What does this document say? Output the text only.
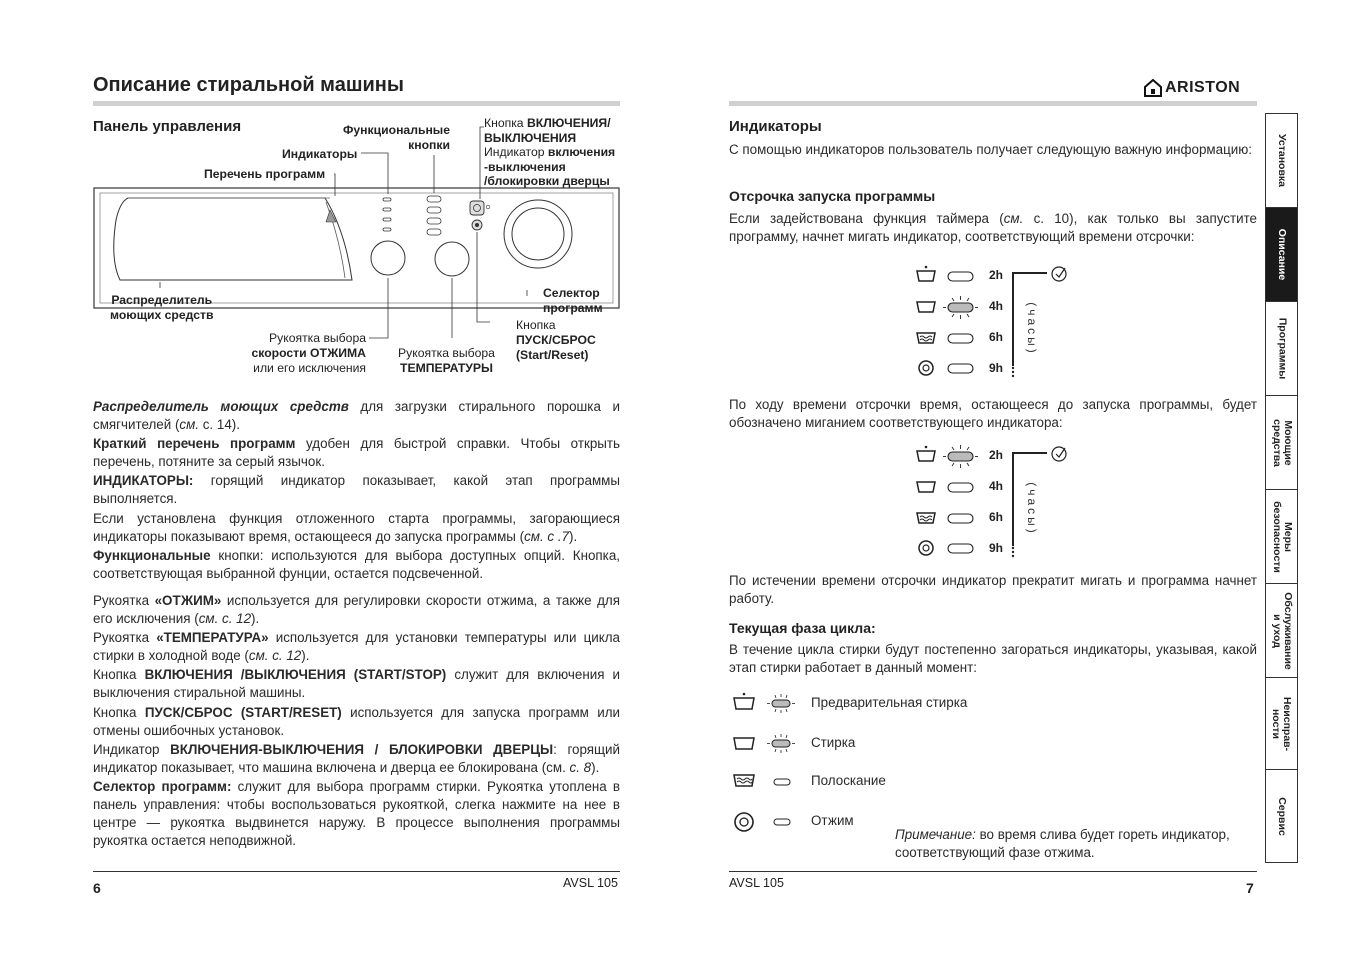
Описание стиральной машины
Панель управления	Функциональные
кнопки
Индикаторы
Перечень программ
Кнопка ВКЛЮЧЕНИЯ/
ВЫКЛЮЧЕНИЯ
Индикатор включения
-выключения
/блокировки дверцы
Распределитель
моющих средств
Селектор
программ
Кнопка
ПУСК/СБРОС
(Start/Reset)
Рукоятка выбора
скорости ОТЖИМА
или его исключения
Рукоятка выбора
ТЕМПЕРАТУРЫ

Распределитель моющих средств для загрузки стирального порошка и смягчителей (см. с. 14).

Краткий перечень программ удобен для быстрой справки. Чтобы открыть перечень, потяните за серый язычок.

ИНДИКАТОРЫ: горящий индикатор показывает, какой этап программы выполняется.

Если установлена функция отложенного старта программы, загорающиеся индикаторы показывают время, остающееся до запуска программы (см. с .7).

Функциональные кнопки: используются для выбора доступных опций. Кнопка, соответствующая выбранной фунции, остается подсвеченной.

Рукоятка «ОТЖИМ» используется для регулировки скорости отжима, а также для его исключения (см. с. 12).

Рукоятка «ТЕМПЕРАТУРА» используется для установки температуры или цикла стирки в холодной воде (см. с. 12).

Кнопка ВКЛЮЧЕНИЯ /ВЫКЛЮЧЕНИЯ (START/STOP) служит для включения и выключения стиральной машины.

Кнопка ПУСК/СБРОС (START/RESET) используется для запуска программ или отмены ошибочных установок.

Индикатор ВКЛЮЧЕНИЯ-ВЫКЛЮЧЕНИЯ / БЛОКИРОВКИ ДВЕРЦЫ: горящий индикатор показывает, что машина включена и дверца ее блокирована (см. с. 8).

Селектор программ: служит для выбора программ стирки. Рукоятка утоплена в панель управления: чтобы воспользоваться рукояткой, слегка нажмите на нее в центре — рукоятка выдвинется наружу. В процессе выполнения программы рукоятка остается неподвижной.

6	AVSL 105
ARISTON
Индикаторы
С помощью индикаторов пользователь получает следующую важную информацию:
Отсрочка запуска программы
Если задействована функция таймера (см. с. 10), как только вы запустите программу, начнет мигать индикатор, соответствующий времени отсрочки:
2h
4h
6h
9h
(часы)
По ходу времени отсрочки время, остающееся до запуска программы, будет обозначено миганием соответствующего индикатора:
2h
4h
6h
9h
(часы)
По истечении времени отсрочки индикатор прекратит мигать и программа начнет работу.
Текущая фаза цикла:
В течение цикла стирки будут постепенно загораться индикаторы, указывая, какой этап стирки работает в данный момент:
Предварительная стирка
Стирка
Полоскание
Отжим
Примечание: во время слива будет гореть индикатор, соответствующий фазе отжима.
AVSL 105	7
Установка
Описание
Программы
Моющие
средства
Меры
безопасности
Обслуживание
и уход
Неисправ-
ности
Сервис
